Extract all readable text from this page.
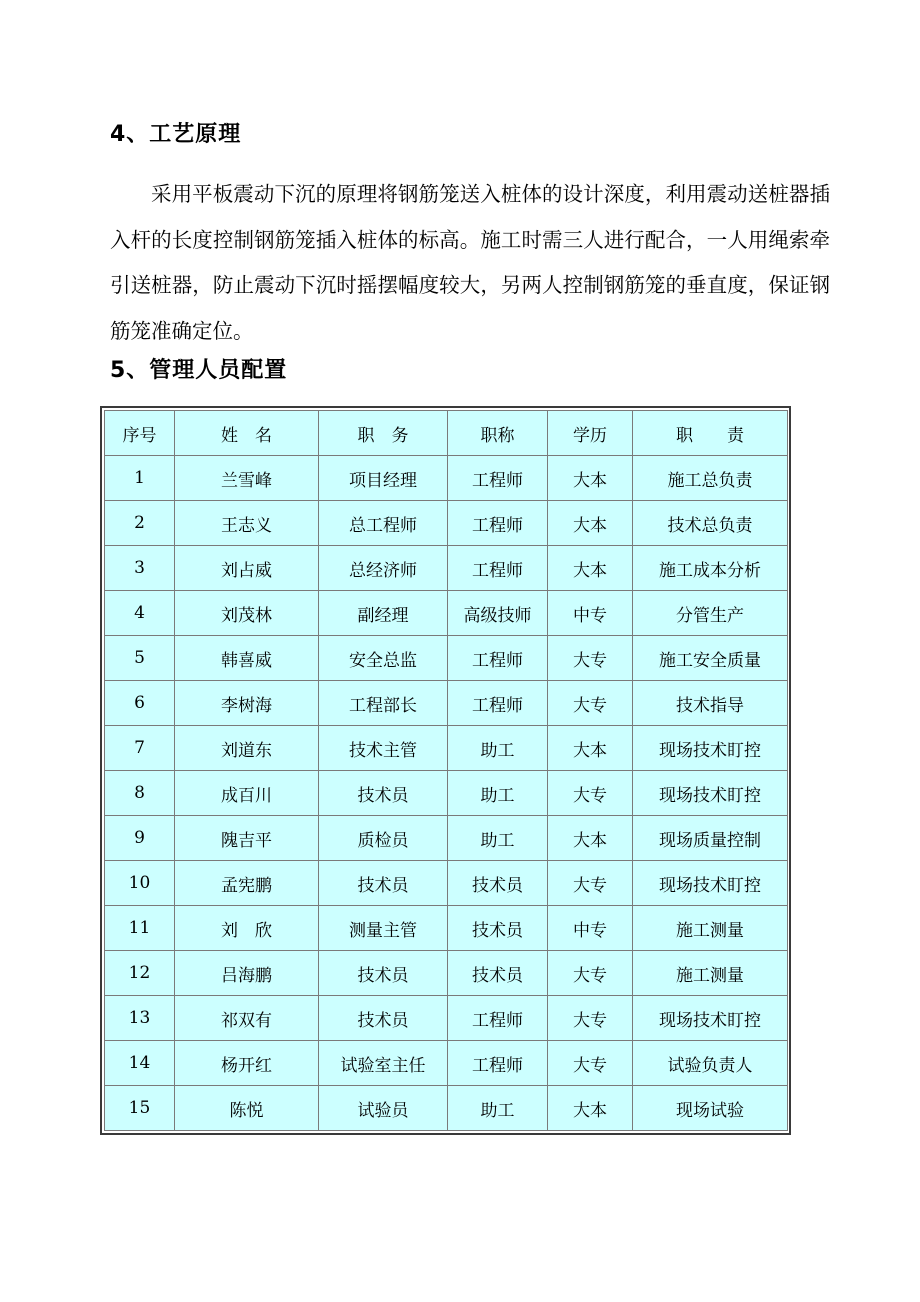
4、工艺原理

采用平板震动下沉的原理将钢筋笼送入桩体的设计深度，利用震动送桩器插入杆的长度控制钢筋笼插入桩体的标高。施工时需三人进行配合，一人用绳索牵引送桩器，防止震动下沉时摇摆幅度较大，另两人控制钢筋笼的垂直度，保证钢筋笼准确定位。

5、管理人员配置
序号	姓　名	职　务	职称	学历	职　　责
1	兰雪峰	项目经理	工程师	大本	施工总负责
2	王志义	总工程师	工程师	大本	技术总负责
3	刘占威	总经济师	工程师	大本	施工成本分析
4	刘茂林	副经理	高级技师	中专	分管生产
5	韩喜威	安全总监	工程师	大专	施工安全质量
6	李树海	工程部长	工程师	大专	技术指导
7	刘道东	技术主管	助工	大本	现场技术盯控
8	成百川	技术员	助工	大专	现场技术盯控
9	隗吉平	质检员	助工	大本	现场质量控制
10	孟宪鹏	技术员	技术员	大专	现场技术盯控
11	刘　欣	测量主管	技术员	中专	施工测量
12	吕海鹏	技术员	技术员	大专	施工测量
13	祁双有	技术员	工程师	大专	现场技术盯控
14	杨开红	试验室主任	工程师	大专	试验负责人
15	陈悦	试验员	助工	大本	现场试验
